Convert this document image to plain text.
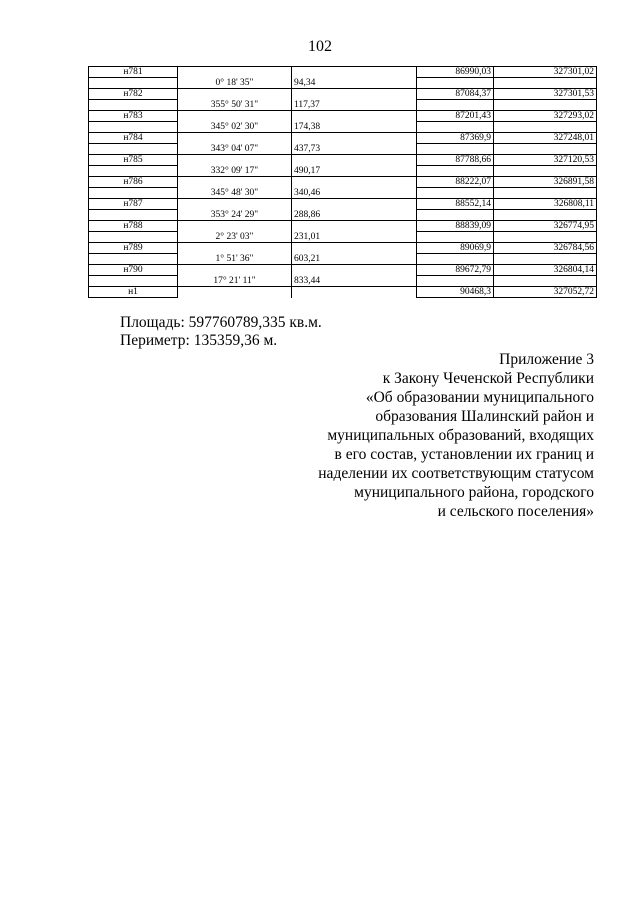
102
н781			86990,03	327301,02
	0° 18' 35"	94,34		
н782			87084,37	327301,53
	355° 50' 31"	117,37		
н783			87201,43	327293,02
	345° 02' 30"	174,38		
н784			87369,9	327248,01
	343° 04' 07"	437,73		
н785			87788,66	327120,53
	332° 09' 17"	490,17		
н786			88222,07	326891,58
	345° 48' 30"	340,46		
н787			88552,14	326808,11
	353° 24' 29"	288,86		
н788			88839,09	326774,95
	2° 23' 03"	231,01		
н789			89069,9	326784,56
	1° 51' 36"	603,21		
н790			89672,79	326804,14
	17° 21' 11"	833,44		
н1			90468,3	327052,72
Площадь: 597760789,335 кв.м.
Периметр: 135359,36 м.
Приложение 3
к Закону Чеченской Республики
«Об образовании муниципального
образования Шалинский район и
муниципальных образований, входящих
в его состав, установлении их границ и
наделении их соответствующим статусом
муниципального района, городского
и сельского поселения»
